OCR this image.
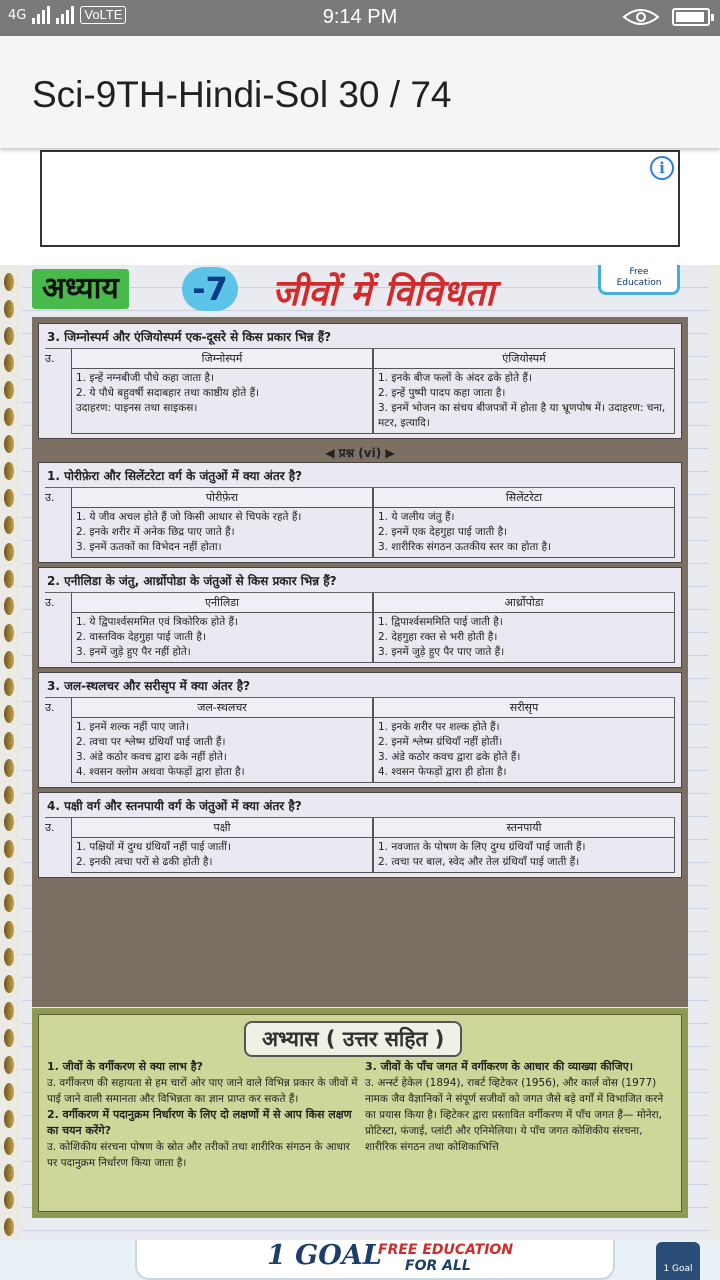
4G	VoLTE	9:14 PM
Sci-9TH-Hindi-Sol 30 / 74
i
अध्याय	-7 जीवों में विविधता	Free
Education
3. जिम्नोस्पर्म और एंजियोस्पर्म एक-दूसरे से किस प्रकार भिन्न हैं?
उ.	जिम्नोस्पर्म	एंजियोस्पर्म
1. इन्हें नग्नबीजी पौधे कहा जाता है।
2. ये पौधे बहुवर्षी सदाबहार तथा काष्ठीय होते हैं।
उदाहरण: पाइनस तथा साइकस।
1. इनके बीज फलों के अंदर ढके होते हैं।
2. इन्हें पुष्पी पादप कहा जाता है।
3. इनमें भोजन का संचय बीजपत्रों में होता है या भ्रूणपोष में। उदाहरण: चना, मटर, इत्यादि।
◀ प्रश्न (vi) ▶
1. पोरीफ़ेरा और सिलेंटरेटा वर्ग के जंतुओं में क्या अंतर है?
उ.	पोरीफ़ेरा	सिलेंटरेटा
1. ये जीव अचल होते हैं जो किसी आधार से चिपके रहते हैं।
2. इनके शरीर में अनेक छिद्र पाए जाते हैं।
3. इनमें ऊतकों का विभेदन नहीं होता।
1. ये जलीय जंतु हैं।
2. इनमें एक देहगुहा पाई जाती है।
3. शारीरिक संगठन ऊतकीय स्तर का होता है।
2. एनीलिडा के जंतु, आर्थ्रोपोडा के जंतुओं से किस प्रकार भिन्न हैं?
उ.	एनीलिडा	आर्थ्रोपोडा
1. ये द्विपार्श्वसममित एवं त्रिकोरिक होते हैं।
2. वास्तविक देहगुहा पाई जाती है।
3. इनमें जुड़े हुए पैर नहीं होते।
1. द्विपार्श्वसममिति पाई जाती है।
2. देहगुहा रक्त से भरी होती है।
3. इनमें जुड़े हुए पैर पाए जाते हैं।
3. जल-स्थलचर और सरीसृप में क्या अंतर है?
उ.	जल-स्थलचर	सरीसृप
1. इनमें शल्क नहीं पाए जाते।
2. त्वचा पर श्लेष्म ग्रंथियाँ पाई जाती हैं।
3. अंडे कठोर कवच द्वारा ढके नहीं होते।
4. श्वसन क्लोम अथवा फेफड़ों द्वारा होता है।
1. इनके शरीर पर शल्क होते हैं।
2. इनमें श्लेष्म ग्रंथियाँ नहीं होतीं।
3. अंडे कठोर कवच द्वारा ढके होते हैं।
4. श्वसन फेफड़ों द्वारा ही होता है।
4. पक्षी वर्ग और स्तनपायी वर्ग के जंतुओं में क्या अंतर है?
उ.	पक्षी	स्तनपायी
1. पक्षियों में दुग्ध ग्रंथियाँ नहीं पाई जातीं।
2. इनकी त्वचा परों से ढकी होती है।
1. नवजात के पोषण के लिए दुग्ध ग्रंथियाँ पाई जाती हैं।
2. त्वचा पर बाल, स्वेद और तेल ग्रंथियाँ पाई जाती हैं।
अभ्यास ( उत्तर सहित )
1. जीवों के वर्गीकरण से क्या लाभ है?
उ. वर्गीकरण की सहायता से हम चारों ओर पाए जाने वाले विभिन्न प्रकार के जीवों में पाई जाने वाली समानता और विभिन्नता का ज्ञान प्राप्त कर सकते हैं।
2. वर्गीकरण में पदानुक्रम निर्धारण के लिए दो लक्षणों में से आप किस लक्षण का चयन करेंगे?
उ. कोशिकीय संरचना पोषण के स्रोत और तरीकों तथा शारीरिक संगठन के आधार पर पदानुक्रम निर्धारण किया जाता है।
3. जीवों के पाँच जगत में वर्गीकरण के आधार की व्याख्या कीजिए।
उ. अर्न्स्ट हेकेल (1894), राबर्ट व्हिटेकर (1956), और कार्ल वोस (1977) नामक जैव वैज्ञानिकों ने संपूर्ण सजीवों को जगत जैसे बड़े वर्गों में विभाजित करने का प्रयास किया है। व्हिटेकर द्वारा प्रस्तावित वर्गीकरण में पाँच जगत हैं— मोनेरा, प्रोटिस्टा, फंजाई, प्लांटी और एनिमेलिया। ये पाँच जगत कोशिकीय संरचना, शारीरिक संगठन तथा कोशिकाभित्ति
1 GOAL
FREE EDUCATION
FOR ALL	1 Goal
